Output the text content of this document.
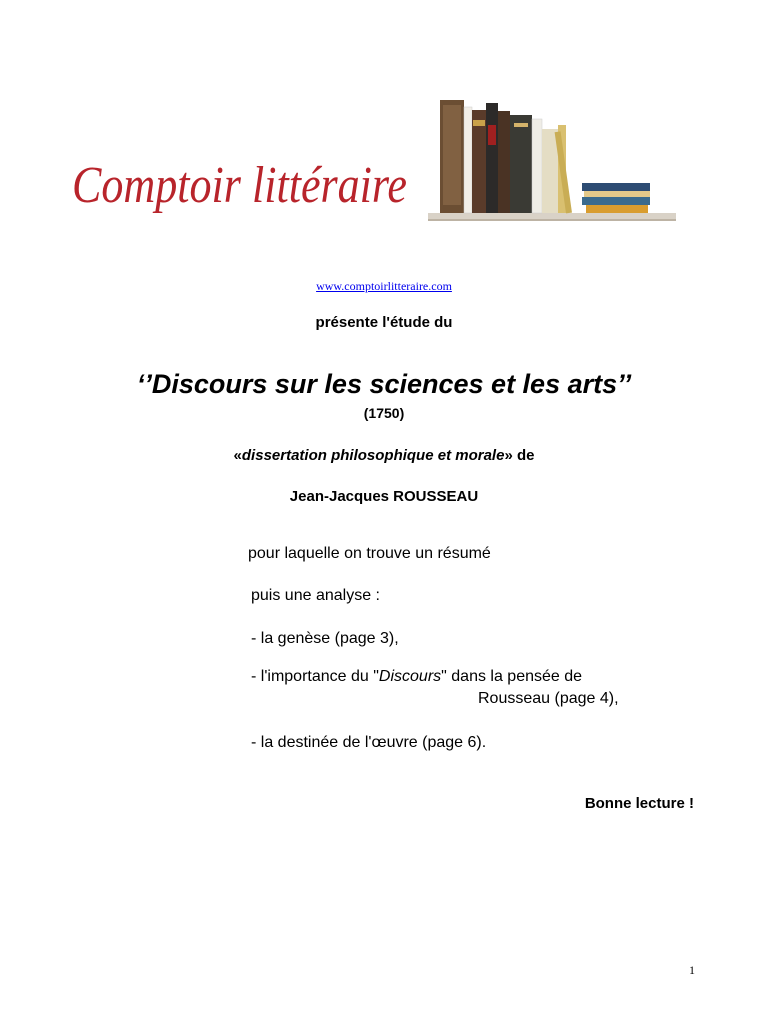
Comptoir littéraire
www.comptoirlitteraire.com
présente l'étude du
‘’Discours sur les sciences et les arts’’
(1750)
«dissertation philosophique et morale» de
Jean-Jacques ROUSSEAU
pour laquelle on trouve un résumé
puis une analyse :
- la genèse (page 3),
- l'importance du "Discours" dans la pensée de
Rousseau (page 4),
- la destinée de l'œuvre (page 6).
Bonne lecture !
1
